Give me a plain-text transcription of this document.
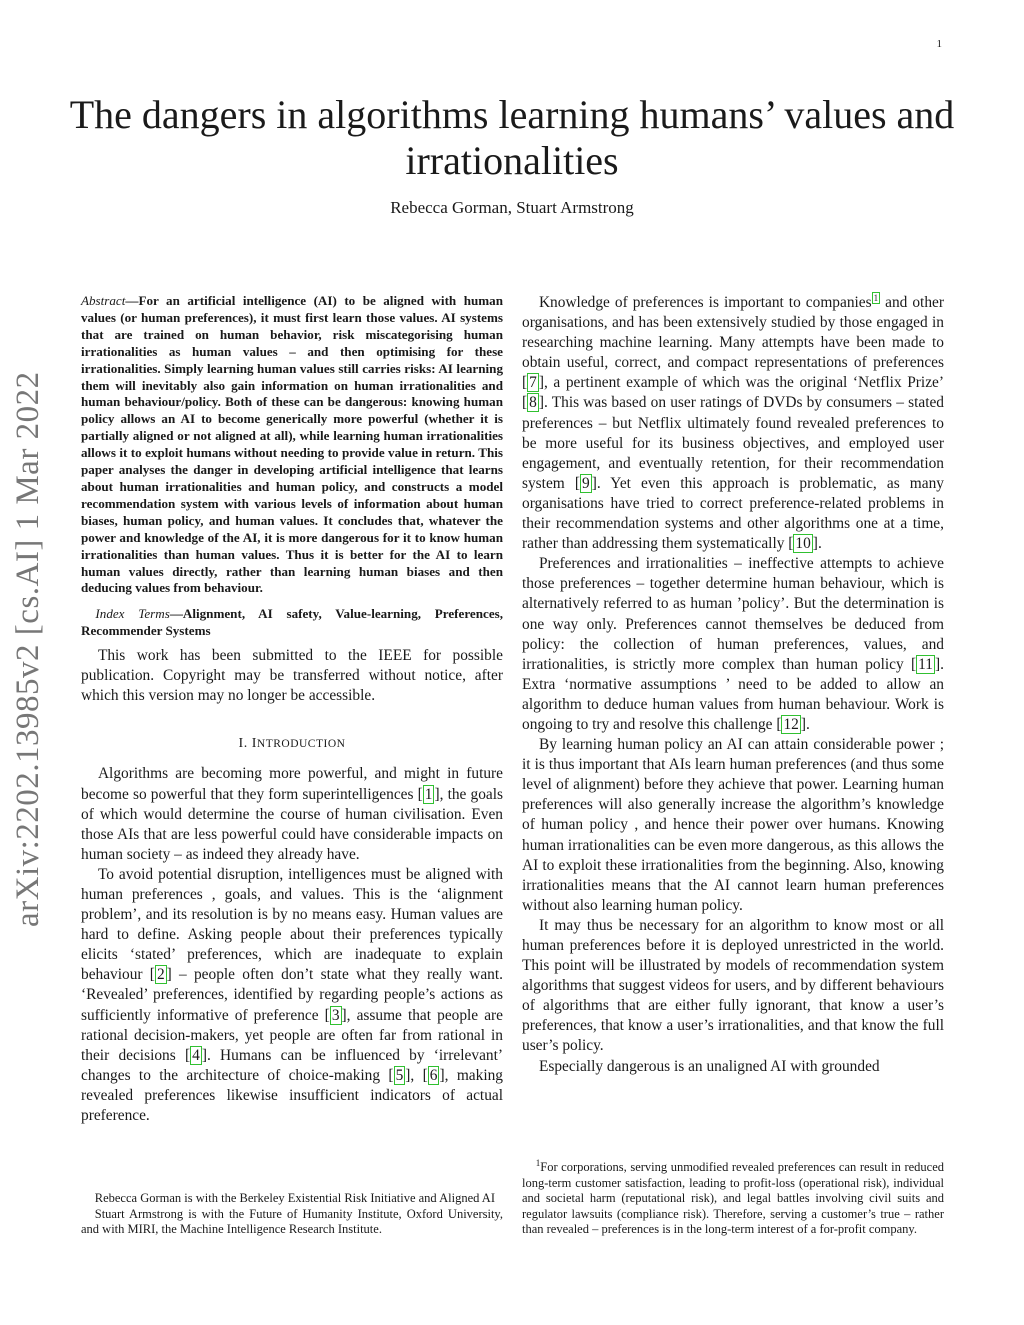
1
The dangers in algorithms learning humans’ values and irrationalities
Rebecca Gorman, Stuart Armstrong
arXiv:2202.13985v2 [cs.AI] 1 Mar 2022

Abstract—For an artificial intelligence (AI) to be aligned with human values (or human preferences), it must first learn those values. AI systems that are trained on human behavior, risk miscategorising human irrationalities as human values – and then optimising for these irrationalities. Simply learning human values still carries risks: AI learning them will inevitably also gain information on human irrationalities and human behaviour/policy. Both of these can be dangerous: knowing human policy allows an AI to become generically more powerful (whether it is partially aligned or not aligned at all), while learning human irrationalities allows it to exploit humans without needing to provide value in return. This paper analyses the danger in developing artificial intelligence that learns about human irrationalities and human policy, and constructs a model recommendation system with various levels of information about human biases, human policy, and human values. It concludes that, whatever the power and knowledge of the AI, it is more dangerous for it to know human irrationalities than human values. Thus it is better for the AI to learn human values directly, rather than learning human biases and then deducing values from behaviour.

Index Terms—Alignment, AI safety, Value-learning, Preferences, Recommender Systems

This work has been submitted to the IEEE for possible publication. Copyright may be transferred without notice, after which this version may no longer be accessible.

I. INTRODUCTION

Algorithms are becoming more powerful, and might in future become so powerful that they form superintelligences [ 1 ], the goals of which would determine the course of human civilisation. Even those AIs that are less powerful could have considerable impacts on human society – as indeed they already have.

To avoid potential disruption, intelligences must be aligned with human preferences , goals, and values. This is the ‘alignment problem’, and its resolution is by no means easy. Human values are hard to define. Asking people about their preferences typically elicits ‘stated’ preferences, which are inadequate to explain behaviour [ 2 ] – people often don’t state what they really want. ‘Revealed’ preferences, identified by regarding people’s actions as sufficiently informative of preference [ 3 ], assume that people are rational decision-makers, yet people are often far from rational in their decisions [ 4 ]. Humans can be influenced by ‘irrelevant’ changes to the architecture of choice-making [ 5 ], [ 6 ], making revealed preferences likewise insufficient indicators of actual preference.

Rebecca Gorman is with the Berkeley Existential Risk Initiative and Aligned AI

Stuart Armstrong is with the Future of Humanity Institute, Oxford University, and with MIRI, the Machine Intelligence Research Institute.

Knowledge of preferences is important to companies $^1$ and other organisations, and has been extensively studied by those engaged in researching machine learning. Many attempts have been made to obtain useful, correct, and compact representations of preferences [ 7 ], a pertinent example of which was the original ‘Netflix Prize’ [ 8 ]. This was based on user ratings of DVDs by consumers – stated preferences – but Netflix ultimately found revealed preferences to be more useful for its business objectives, and employed user engagement, and eventually retention, for their recommendation system [ 9 ]. Yet even this approach is problematic, as many organisations have tried to correct preference-related problems in their recommendation systems and other algorithms one at a time, rather than addressing them systematically [ 10 ].

Preferences and irrationalities – ineffective attempts to achieve those preferences – together determine human behaviour, which is alternatively referred to as human ’policy’. But the determination is one way only. Preferences cannot themselves be deduced from policy: the collection of human preferences, values, and irrationalities, is strictly more complex than human policy [ 11 ]. Extra ‘normative assumptions ’ need to be added to allow an algorithm to deduce human values from human behaviour. Work is ongoing to try and resolve this challenge [ 12 ].

By learning human policy an AI can attain considerable power ; it is thus important that AIs learn human preferences (and thus some level of alignment) before they achieve that power. Learning human preferences will also generally increase the algorithm’s knowledge of human policy , and hence their power over humans. Knowing human irrationalities can be even more dangerous, as this allows the AI to exploit these irrationalities from the beginning. Also, knowing irrationalities means that the AI cannot learn human preferences without also learning human policy.

It may thus be necessary for an algorithm to know most or all human preferences before it is deployed unrestricted in the world. This point will be illustrated by models of recommendation system algorithms that suggest videos for users, and by different behaviours of algorithms that are either fully ignorant, that know a user’s preferences, that know a user’s irrationalities, and that know the full user’s policy.

Especially dangerous is an unaligned AI with grounded

$^1$For corporations, serving unmodified revealed preferences can result in reduced long-term customer satisfaction, leading to profit-loss (operational risk), individual and societal harm (reputational risk), and legal battles involving civil suits and regulator lawsuits (compliance risk). Therefore, serving a customer’s true – rather than revealed – preferences is in the long-term interest of a for-profit company.
